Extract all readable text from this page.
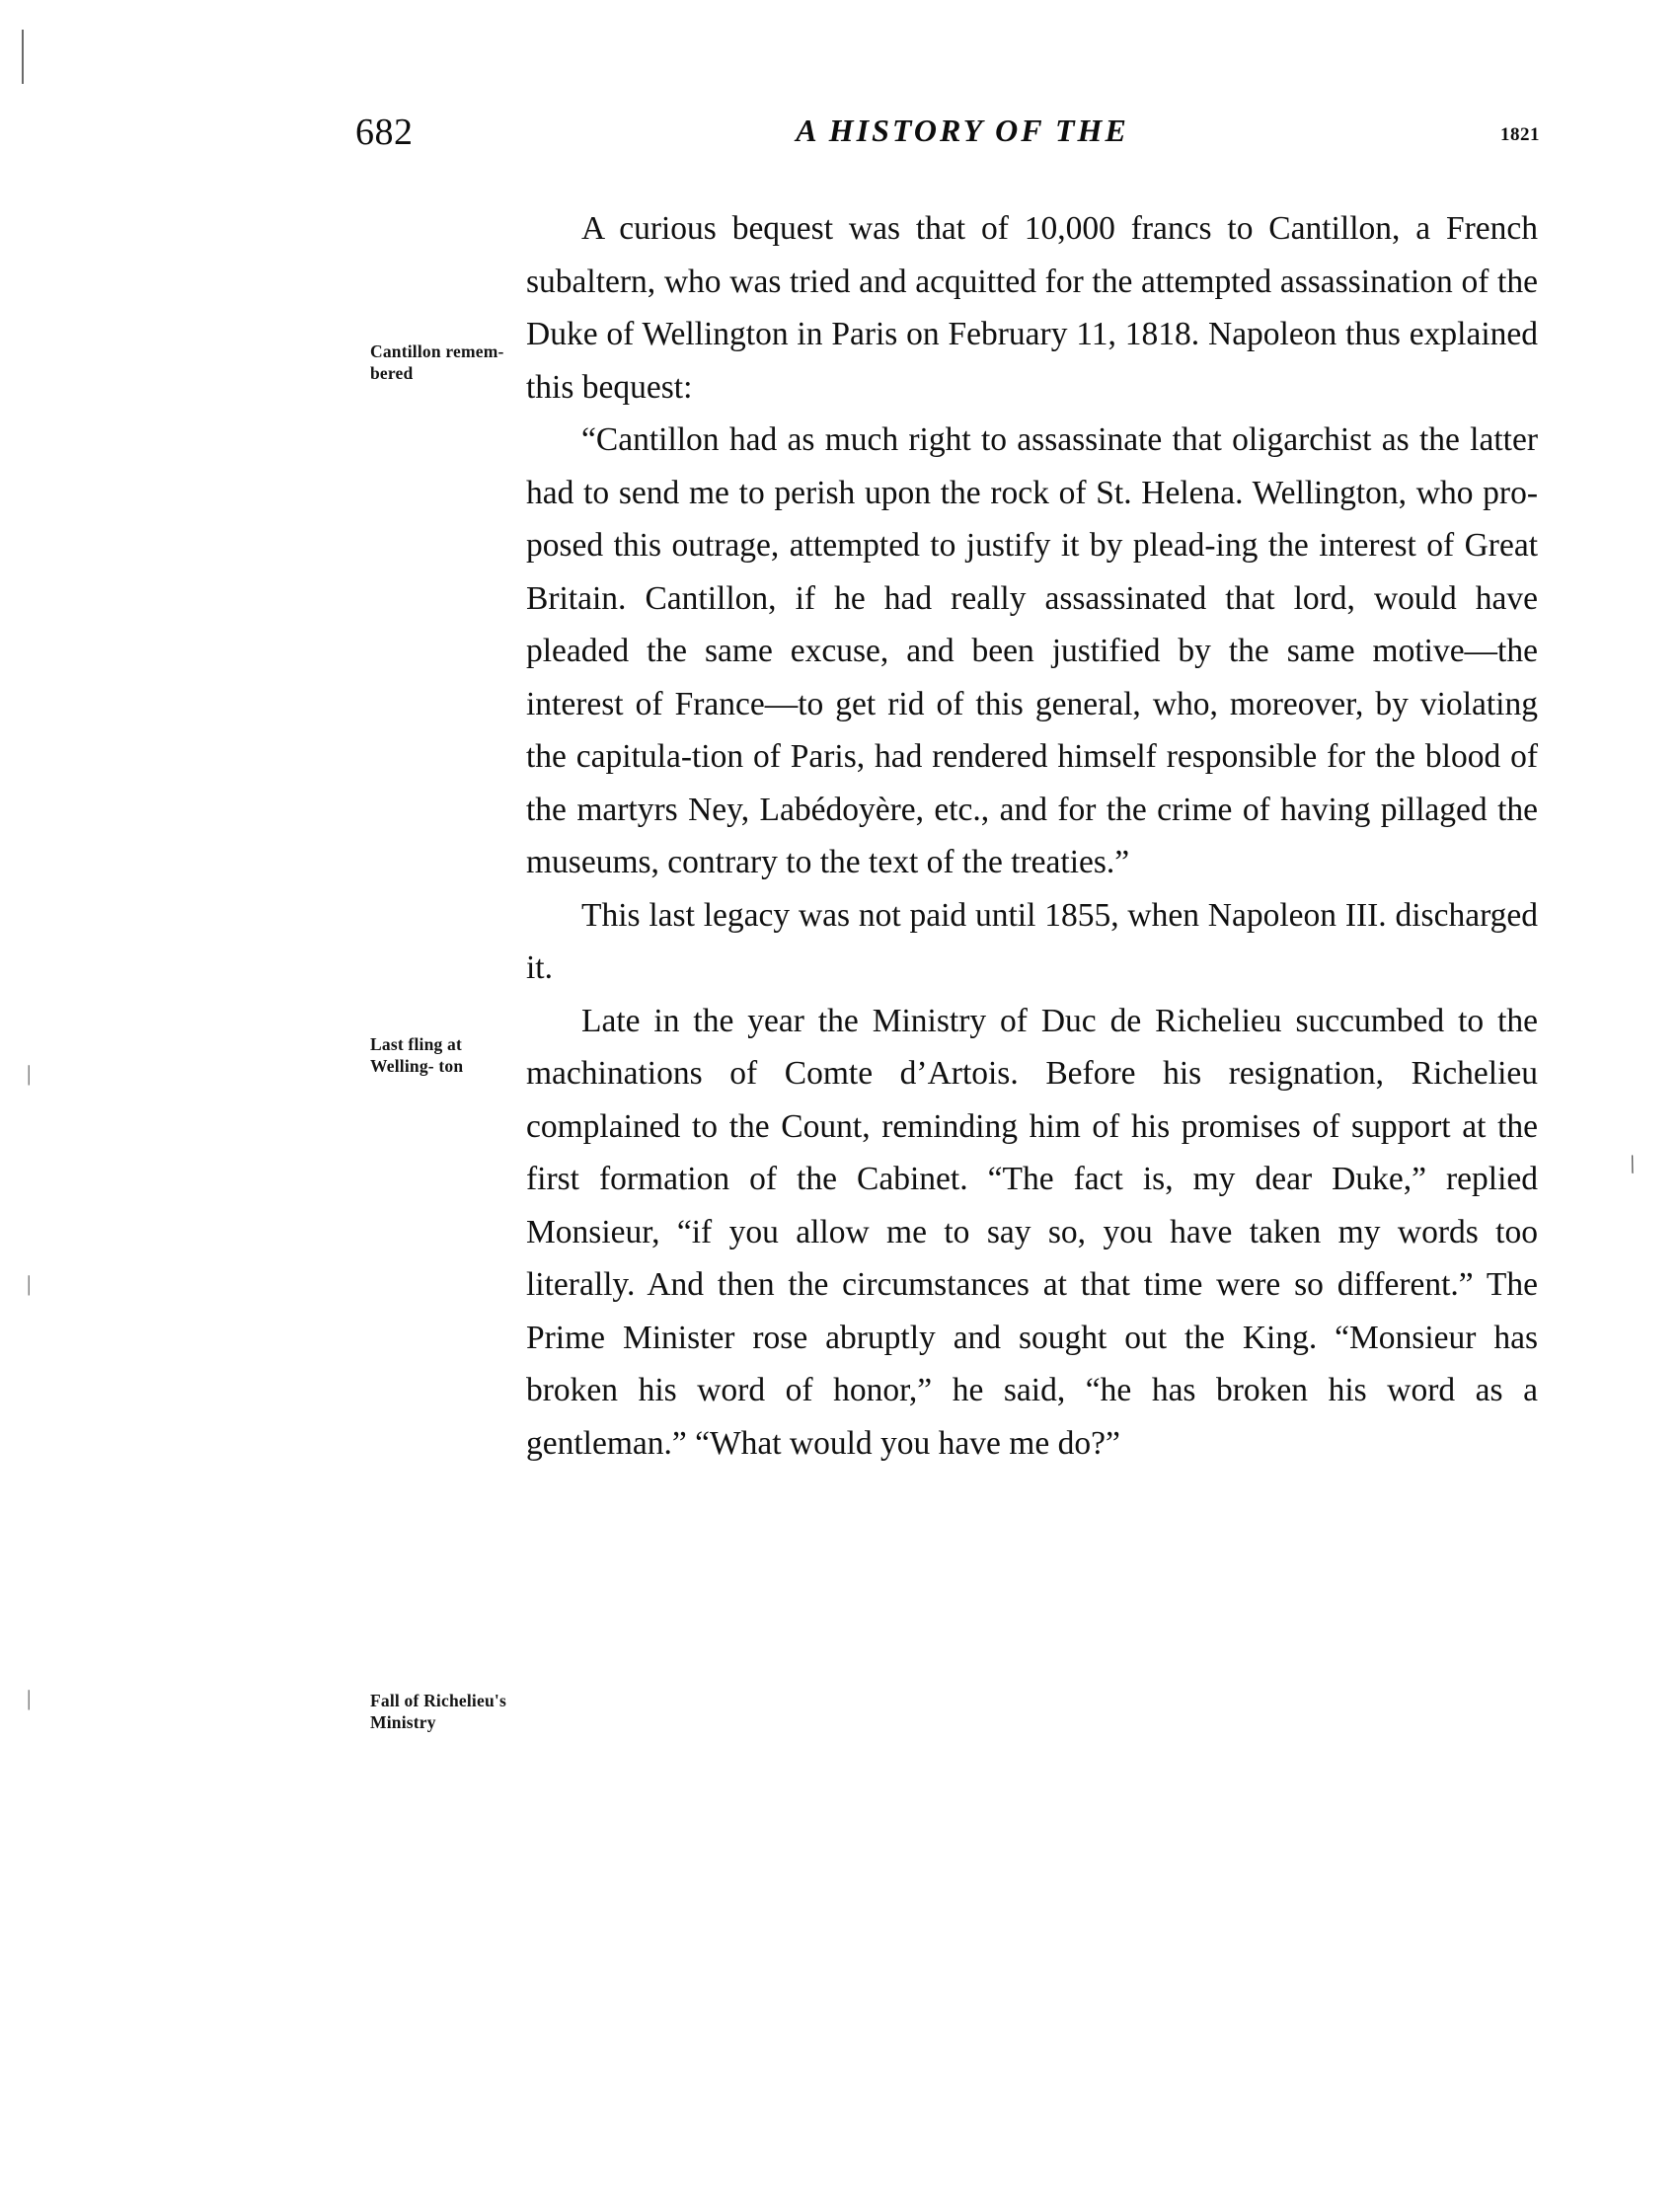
|
|
|
\
682	A HISTORY OF THE	1821
Cantillon remem- bered
Last fling at Welling- ton
Fall of Richelieu's Ministry

A curious bequest was that of 10,000 francs to Cantillon, a French subaltern, who was tried and acquitted for the attempted assassination of the Duke of Wellington in Paris on February 11, 1818. Napoleon thus explained this bequest:

“Cantillon had as much right to assassinate that oligarchist as the latter had to send me to perish upon the rock of St. Helena. Wellington, who pro-posed this outrage, attempted to justify it by plead-ing the interest of Great Britain. Cantillon, if he had really assassinated that lord, would have pleaded the same excuse, and been justified by the same motive—the interest of France—to get rid of this general, who, moreover, by violating the capitula-tion of Paris, had rendered himself responsible for the blood of the martyrs Ney, Labédoyère, etc., and for the crime of having pillaged the museums, contrary to the text of the treaties.”

This last legacy was not paid until 1855, when Napoleon III. discharged it.

Late in the year the Ministry of Duc de Richelieu succumbed to the machinations of Comte d’Artois. Before his resignation, Richelieu complained to the Count, reminding him of his promises of support at the first formation of the Cabinet. “The fact is, my dear Duke,” replied Monsieur, “if you allow me to say so, you have taken my words too literally. And then the circumstances at that time were so different.” The Prime Minister rose abruptly and sought out the King. “Monsieur has broken his word of honor,” he said, “he has broken his word as a gentleman.” “What would you have me do?”
